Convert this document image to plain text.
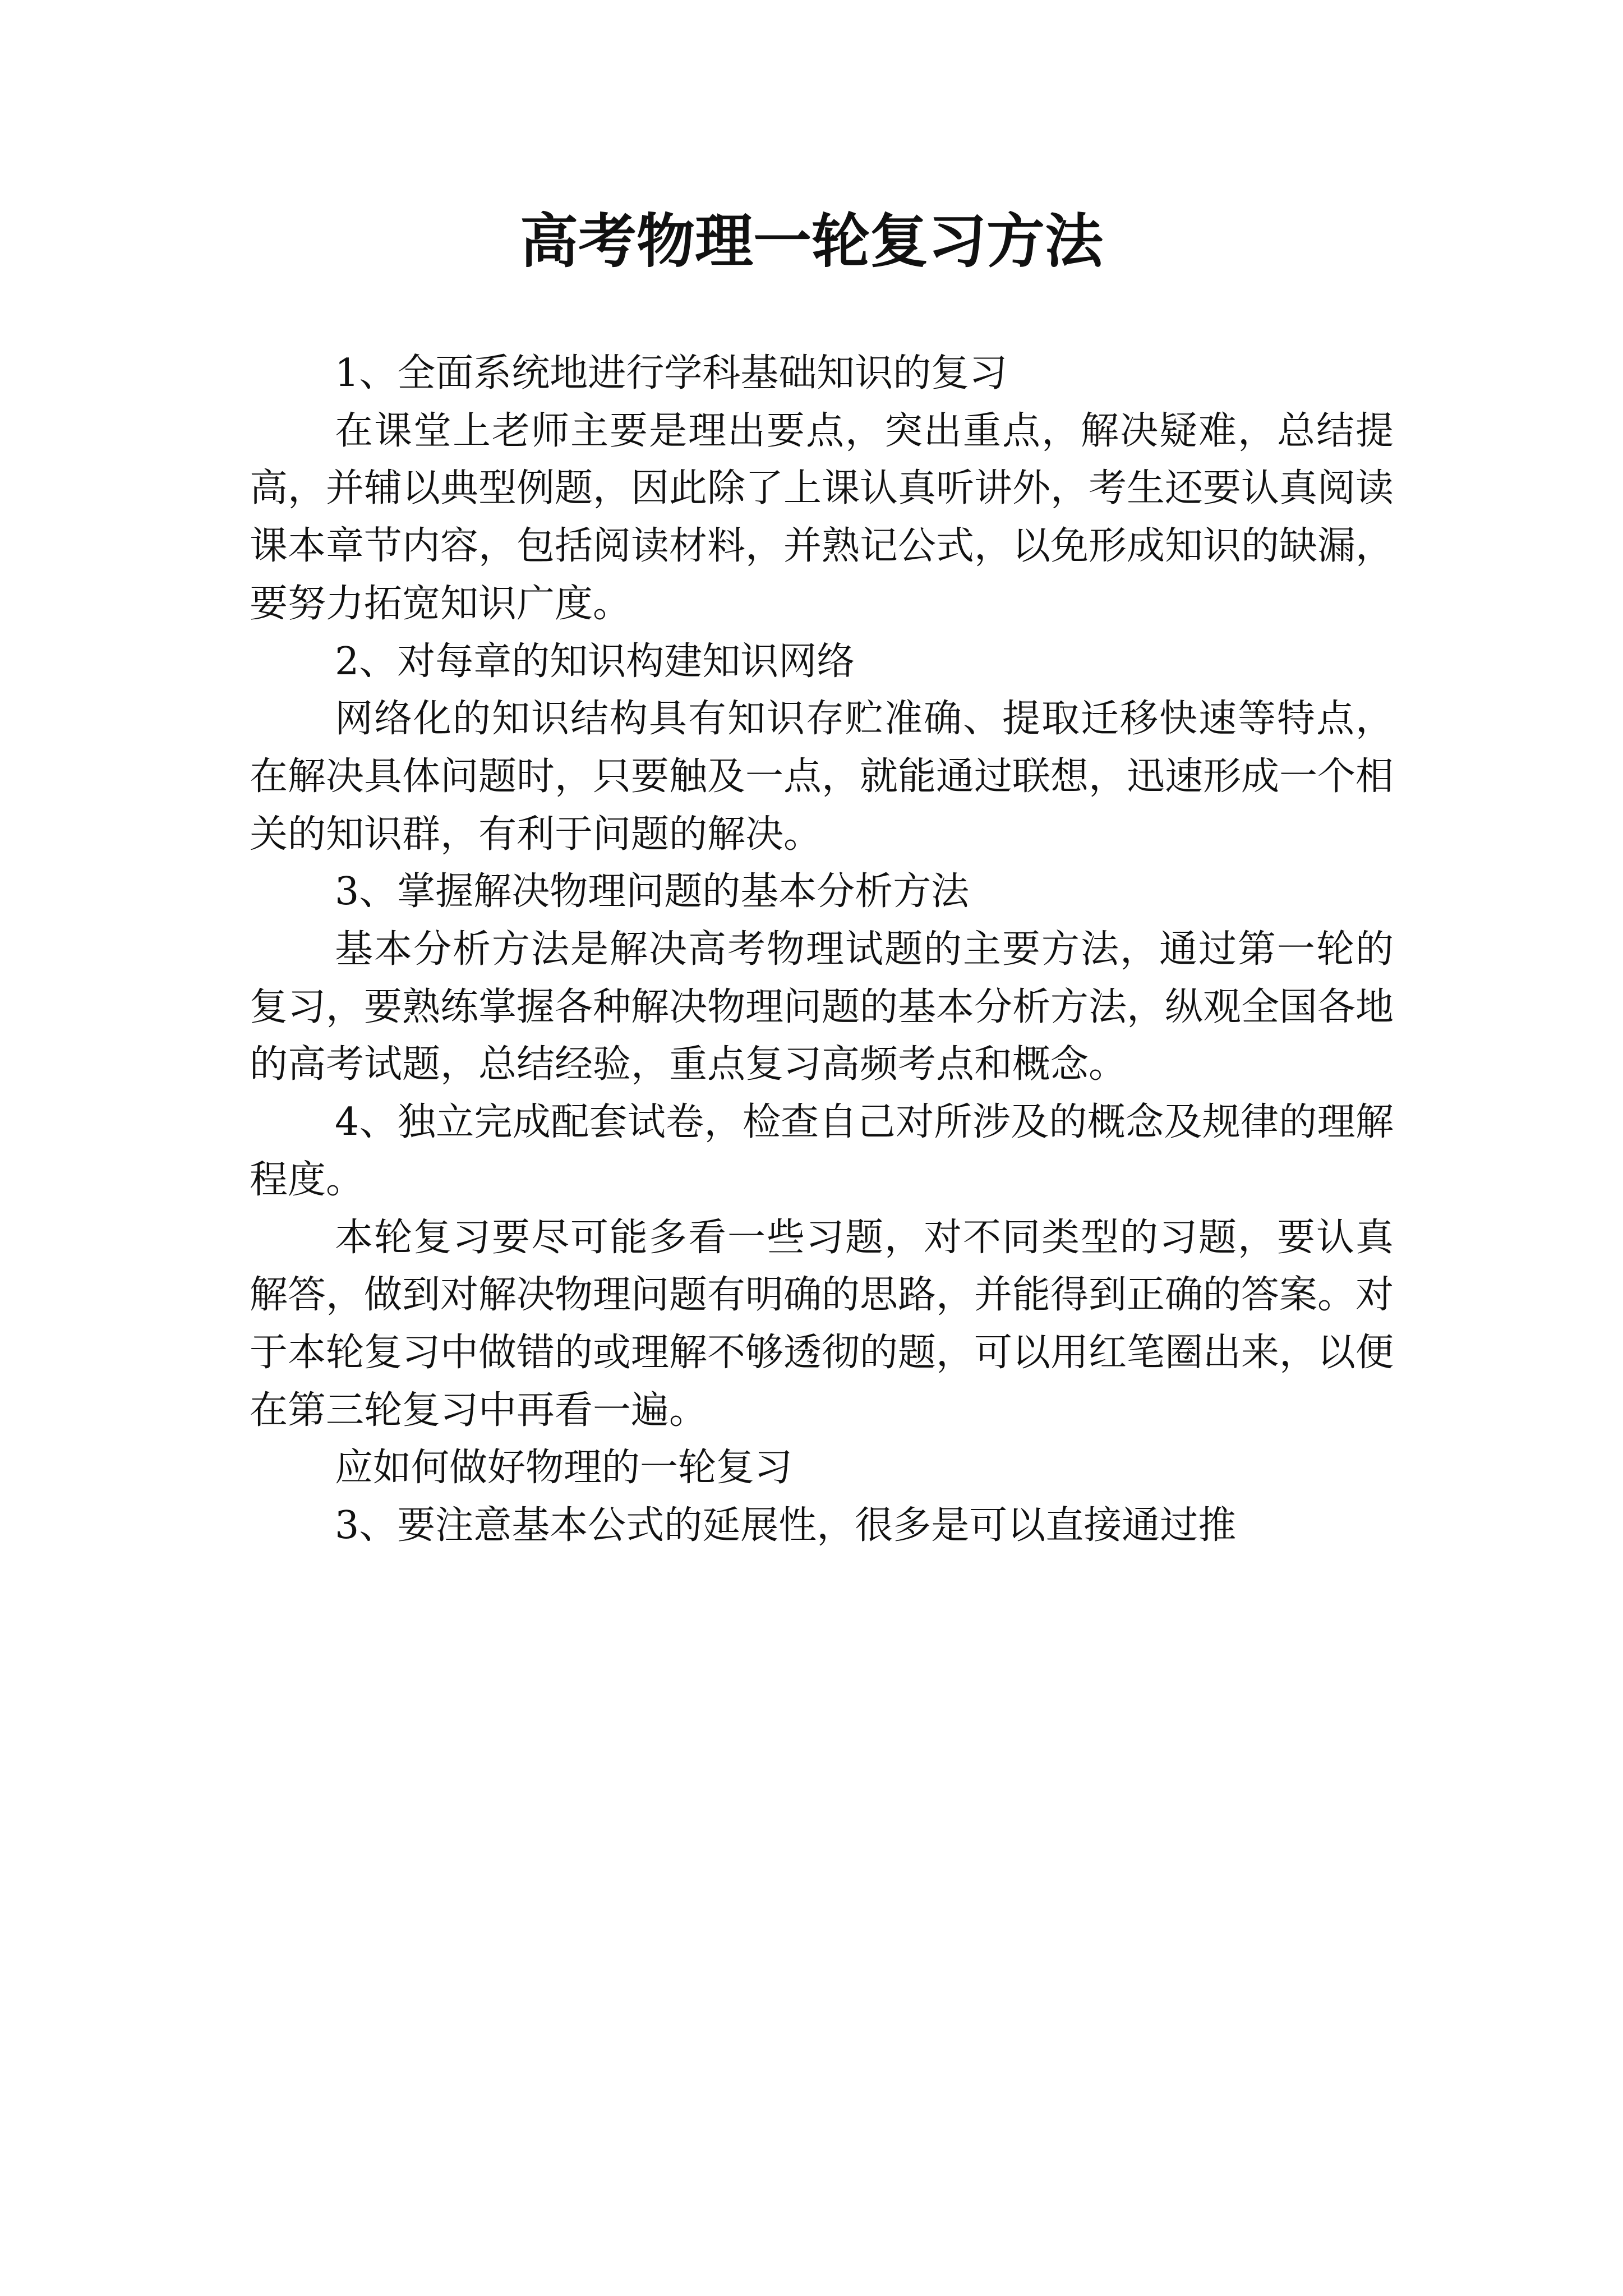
高考物理一轮复习方法

1、全面系统地进行学科基础知识的复习

在课堂上老师主要是理出要点，突出重点，解决疑难，总结提高，并辅以典型例题，因此除了上课认真听讲外，考生还要认真阅读课本章节内容，包括阅读材料，并熟记公式，以免形成知识的缺漏，要努力拓宽知识广度。

2、对每章的知识构建知识网络

网络化的知识结构具有知识存贮准确、提取迁移快速等特点，在解决具体问题时，只要触及一点，就能通过联想，迅速形成一个相关的知识群，有利于问题的解决。

3、掌握解决物理问题的基本分析方法

基本分析方法是解决高考物理试题的主要方法，通过第一轮的复习，要熟练掌握各种解决物理问题的基本分析方法，纵观全国各地的高考试题，总结经验，重点复习高频考点和概念。

4、独立完成配套试卷，检查自己对所涉及的概念及规律的理解程度。

本轮复习要尽可能多看一些习题，对不同类型的习题，要认真解答，做到对解决物理问题有明确的思路，并能得到正确的答案。对于本轮复习中做错的或理解不够透彻的题，可以用红笔圈出来，以便在第三轮复习中再看一遍。

应如何做好物理的一轮复习

3、要注意基本公式的延展性，很多是可以直接通过推
